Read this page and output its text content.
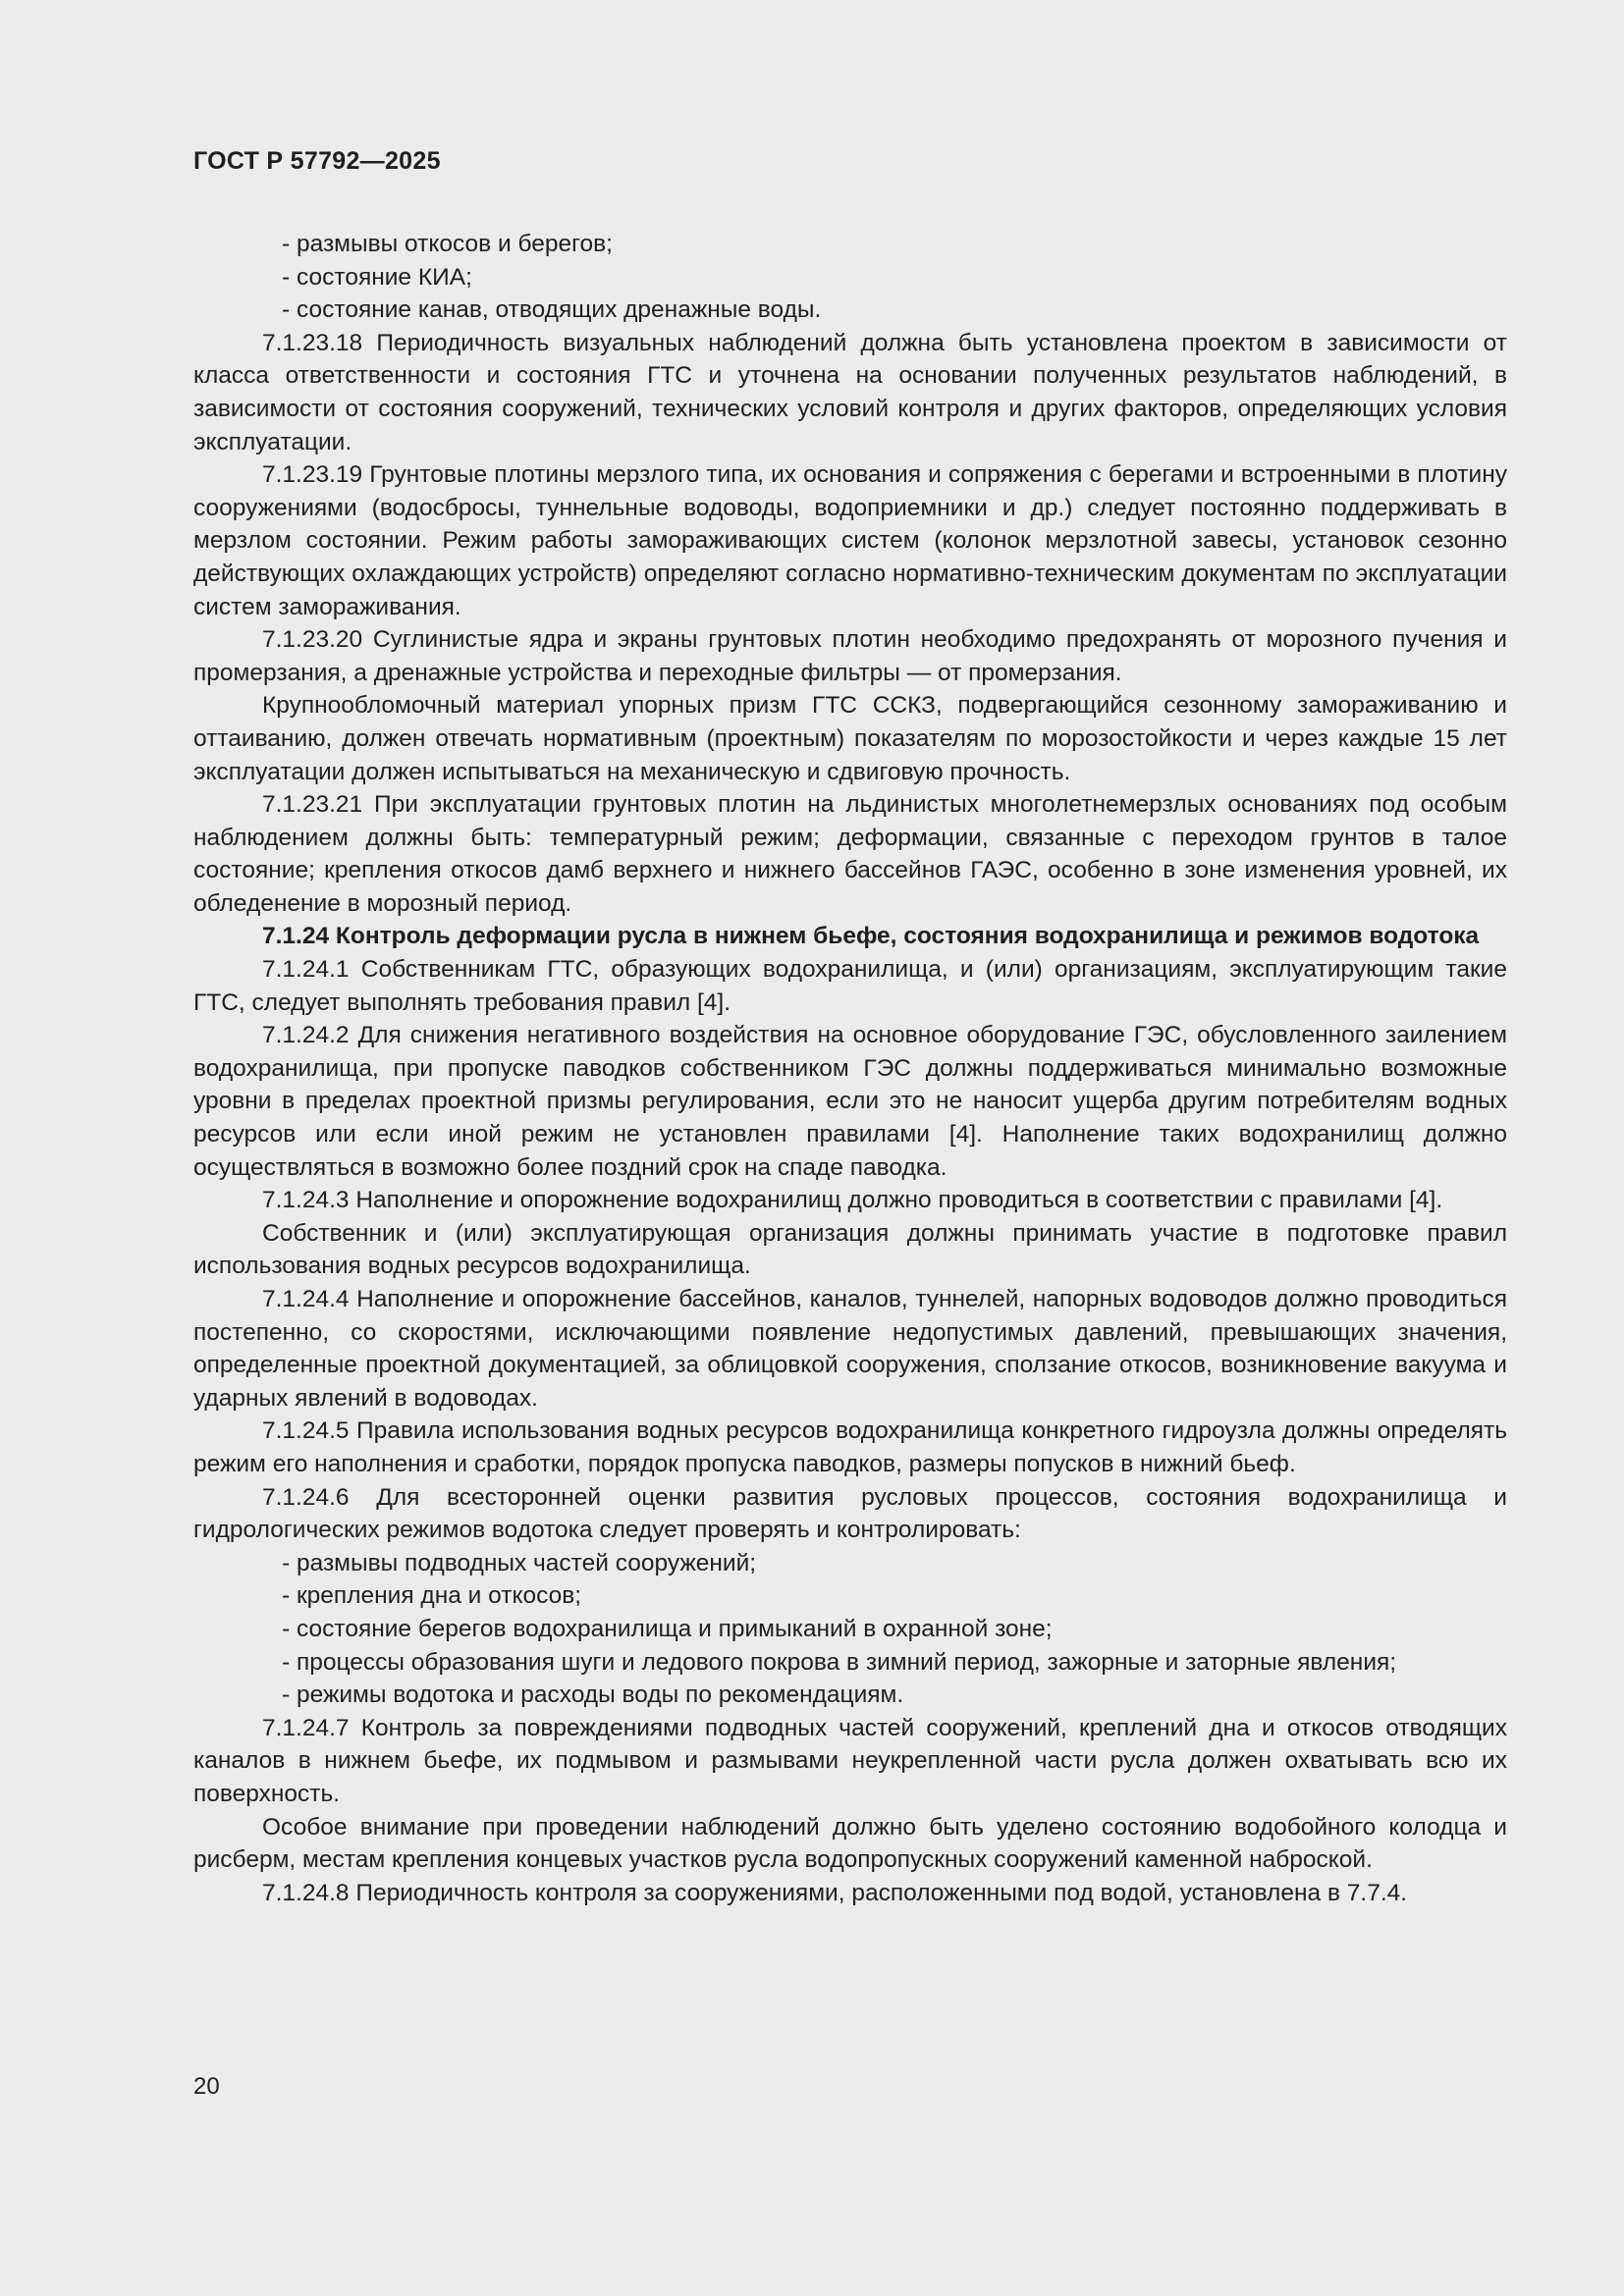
ГОСТ Р 57792—2025

- размывы откосов и берегов;

- состояние КИА;

- состояние канав, отводящих дренажные воды.

7.1.23.18 Периодичность визуальных наблюдений должна быть установлена проектом в зависимости от класса ответственности и состояния ГТС и уточнена на основании полученных результатов наблюдений, в зависимости от состояния сооружений, технических условий контроля и других факторов, определяющих условия эксплуатации.

7.1.23.19 Грунтовые плотины мерзлого типа, их основания и сопряжения с берегами и встроенными в плотину сооружениями (водосбросы, туннельные водоводы, водоприемники и др.) следует постоянно поддерживать в мерзлом состоянии. Режим работы замораживающих систем (колонок мерзлотной завесы, установок сезонно действующих охлаждающих устройств) определяют согласно нормативно-техническим документам по эксплуатации систем замораживания.

7.1.23.20 Суглинистые ядра и экраны грунтовых плотин необходимо предохранять от морозного пучения и промерзания, а дренажные устройства и переходные фильтры — от промерзания.

Крупнообломочный материал упорных призм ГТС ССКЗ, подвергающийся сезонному замораживанию и оттаиванию, должен отвечать нормативным (проектным) показателям по морозостойкости и через каждые 15 лет эксплуатации должен испытываться на механическую и сдвиговую прочность.

7.1.23.21 При эксплуатации грунтовых плотин на льдинистых многолетнемерзлых основаниях под особым наблюдением должны быть: температурный режим; деформации, связанные с переходом грунтов в талое состояние; крепления откосов дамб верхнего и нижнего бассейнов ГАЭС, особенно в зоне изменения уровней, их обледенение в морозный период.

7.1.24 Контроль деформации русла в нижнем бьефе, состояния водохранилища и режимов водотока

7.1.24.1 Собственникам ГТС, образующих водохранилища, и (или) организациям, эксплуатирующим такие ГТС, следует выполнять требования правил [4].

7.1.24.2 Для снижения негативного воздействия на основное оборудование ГЭС, обусловленного заилением водохранилища, при пропуске паводков собственником ГЭС должны поддерживаться минимально возможные уровни в пределах проектной призмы регулирования, если это не наносит ущерба другим потребителям водных ресурсов или если иной режим не установлен правилами [4]. Наполнение таких водохранилищ должно осуществляться в возможно более поздний срок на спаде паводка.

7.1.24.3 Наполнение и опорожнение водохранилищ должно проводиться в соответствии с правилами [4].

Собственник и (или) эксплуатирующая организация должны принимать участие в подготовке правил использования водных ресурсов водохранилища.

7.1.24.4 Наполнение и опорожнение бассейнов, каналов, туннелей, напорных водоводов должно проводиться постепенно, со скоростями, исключающими появление недопустимых давлений, превышающих значения, определенные проектной документацией, за облицовкой сооружения, сползание откосов, возникновение вакуума и ударных явлений в водоводах.

7.1.24.5 Правила использования водных ресурсов водохранилища конкретного гидроузла должны определять режим его наполнения и сработки, порядок пропуска паводков, размеры попусков в нижний бьеф.

7.1.24.6 Для всесторонней оценки развития русловых процессов, состояния водохранилища и гидрологических режимов водотока следует проверять и контролировать:

- размывы подводных частей сооружений;

- крепления дна и откосов;

- состояние берегов водохранилища и примыканий в охранной зоне;

- процессы образования шуги и ледового покрова в зимний период, зажорные и заторные явления;

- режимы водотока и расходы воды по рекомендациям.

7.1.24.7 Контроль за повреждениями подводных частей сооружений, креплений дна и откосов отводящих каналов в нижнем бьефе, их подмывом и размывами неукрепленной части русла должен охватывать всю их поверхность.

Особое внимание при проведении наблюдений должно быть уделено состоянию водобойного колодца и рисберм, местам крепления концевых участков русла водопропускных сооружений каменной наброской.

7.1.24.8 Периодичность контроля за сооружениями, расположенными под водой, установлена в 7.7.4.

20
